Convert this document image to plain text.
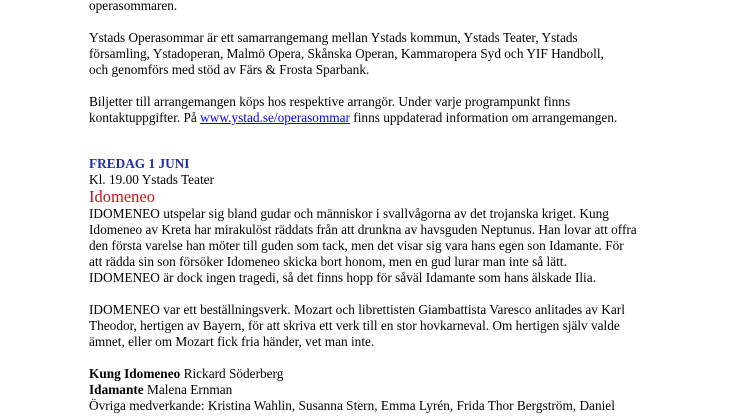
operasommaren.
Ystads Operasommar är ett samarrangemang mellan Ystads kommun, Ystads Teater, Ystads
församling, Ystadoperan, Malmö Opera, Skånska Operan, Kammaropera Syd och YIF Handboll,
och genomförs med stöd av Färs & Frosta Sparbank.
Biljetter till arrangemangen köps hos respektive arrangör. Under varje programpunkt finns
kontaktuppgifter. På www.ystad.se/operasommar finns uppdaterad information om arrangemangen.
FREDAG 1 JUNI
Kl. 19.00 Ystads Teater
Idomeneo
IDOMENEO utspelar sig bland gudar och människor i svallvågorna av det trojanska kriget. Kung
Idomeneo av Kreta har mirakulöst räddats från att drunkna av havsguden Neptunus. Han lovar att offra
den första varelse han möter till guden som tack, men det visar sig vara hans egen son Idamante. För
att rädda sin son försöker Idomeneo skicka bort honom, men en gud lurar man inte så lätt.
IDOMENEO är dock ingen tragedi, så det finns hopp för såväl Idamante som hans älskade Ilia.
IDOMENEO var ett beställningsverk. Mozart och librettisten Giambattista Varesco anlitades av Karl
Theodor, hertigen av Bayern, för att skriva ett verk till en stor hovkarneval. Om hertigen själv valde
ämnet, eller om Mozart fick fria händer, vet man inte.
Kung Idomeneo Rickard Söderberg
Idamante Malena Ernman
Övriga medverkande: Kristina Wahlin, Susanna Stern, Emma Lyrén, Frida Thor Bergström, Daniel
